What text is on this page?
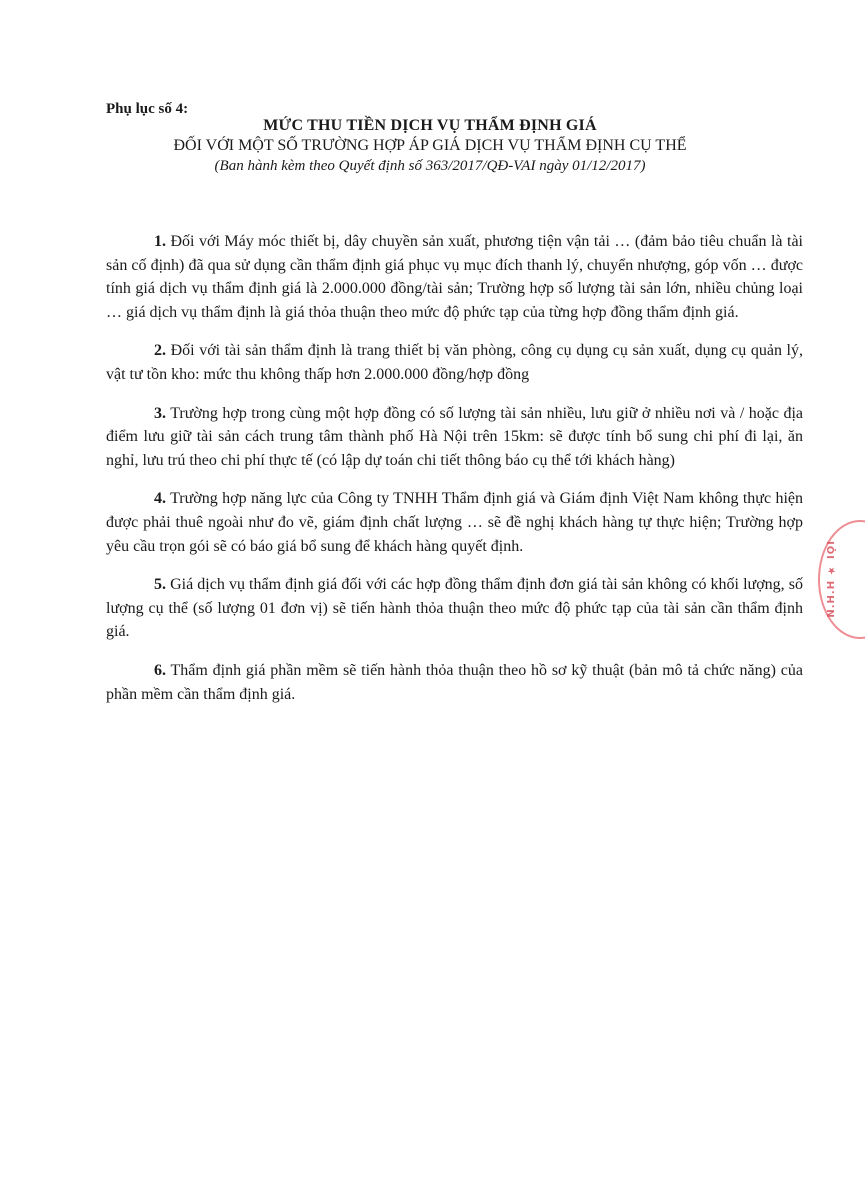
Phụ lục số 4:
MỨC THU TIỀN DỊCH VỤ THẨM ĐỊNH GIÁ
ĐỐI VỚI MỘT SỐ TRƯỜNG HỢP ÁP GIÁ DỊCH VỤ THẨM ĐỊNH CỤ THỂ
(Ban hành kèm theo Quyết định số 363/2017/QĐ-VAI ngày 01/12/2017)

1. Đối với Máy móc thiết bị, dây chuyền sản xuất, phương tiện vận tải … (đảm bảo tiêu chuẩn là tài sản cố định) đã qua sử dụng cần thẩm định giá phục vụ mục đích thanh lý, chuyển nhượng, góp vốn … được tính giá dịch vụ thẩm định giá là 2.000.000 đồng/tài sản; Trường hợp số lượng tài sản lớn, nhiều chủng loại … giá dịch vụ thẩm định là giá thỏa thuận theo mức độ phức tạp của từng hợp đồng thẩm định giá.

2. Đối với tài sản thẩm định là trang thiết bị văn phòng, công cụ dụng cụ sản xuất, dụng cụ quản lý, vật tư tồn kho: mức thu không thấp hơn 2.000.000 đồng/hợp đồng

3. Trường hợp trong cùng một hợp đồng có số lượng tài sản nhiều, lưu giữ ở nhiều nơi và / hoặc địa điểm lưu giữ tài sản cách trung tâm thành phố Hà Nội trên 15km: sẽ được tính bổ sung chi phí đi lại, ăn nghỉ, lưu trú theo chi phí thực tế (có lập dự toán chi tiết thông báo cụ thể tới khách hàng)

4. Trường hợp năng lực của Công ty TNHH Thẩm định giá và Giám định Việt Nam không thực hiện được phải thuê ngoài như đo vẽ, giám định chất lượng … sẽ đề nghị khách hàng tự thực hiện; Trường hợp yêu cầu trọn gói sẽ có báo giá bổ sung để khách hàng quyết định.

5. Giá dịch vụ thẩm định giá đối với các hợp đồng thẩm định đơn giá tài sản không có khối lượng, số lượng cụ thể (số lượng 01 đơn vị) sẽ tiến hành thỏa thuận theo mức độ phức tạp của tài sản cần thẩm định giá.

6. Thẩm định giá phần mềm sẽ tiến hành thỏa thuận theo hồ sơ kỹ thuật (bản mô tả chức năng) của phần mềm cần thẩm định giá.

N.H.H ★ IỌI
